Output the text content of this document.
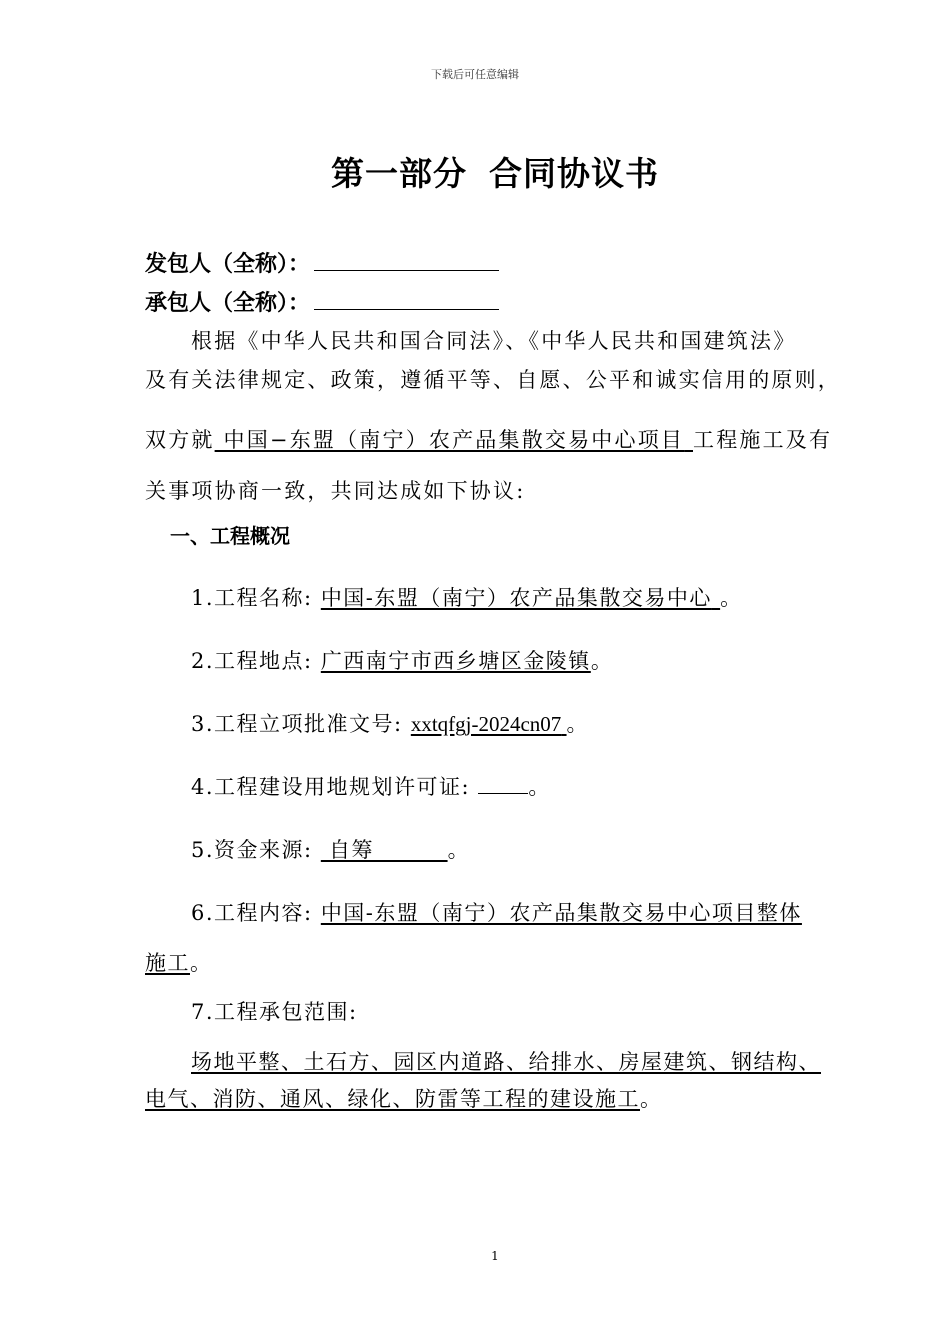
下载后可任意编辑
第一部分 合同协议书
发包人（全称）：
承包人（全称）：
根据《中华人民共和国合同法》、《中华人民共和国建筑法》
及有关法律规定、政策，遵循平等、自愿、公平和诚实信用的原则，
双方就 中国−东盟（南宁）农产品集散交易中心项目 工程施工及有
关事项协商一致，共同达成如下协议:
一、工程概况
1.工程名称: 中国-东盟（南宁）农产品集散交易中心 。
2.工程地点: 广西南宁市西乡塘区金陵镇。
3.工程立项批准文号: xxtqfgj-2024cn07 。
4.工程建设用地规划许可证:	。
5.资金来源: 自筹	。
6.工程内容: 中国-东盟（南宁）农产品集散交易中心项目整体
施工。
7.工程承包范围:
场地平整、土石方、园区内道路、给排水、房屋建筑、钢结构、
电气、消防、通风、绿化、防雷等工程的建设施工。
1
